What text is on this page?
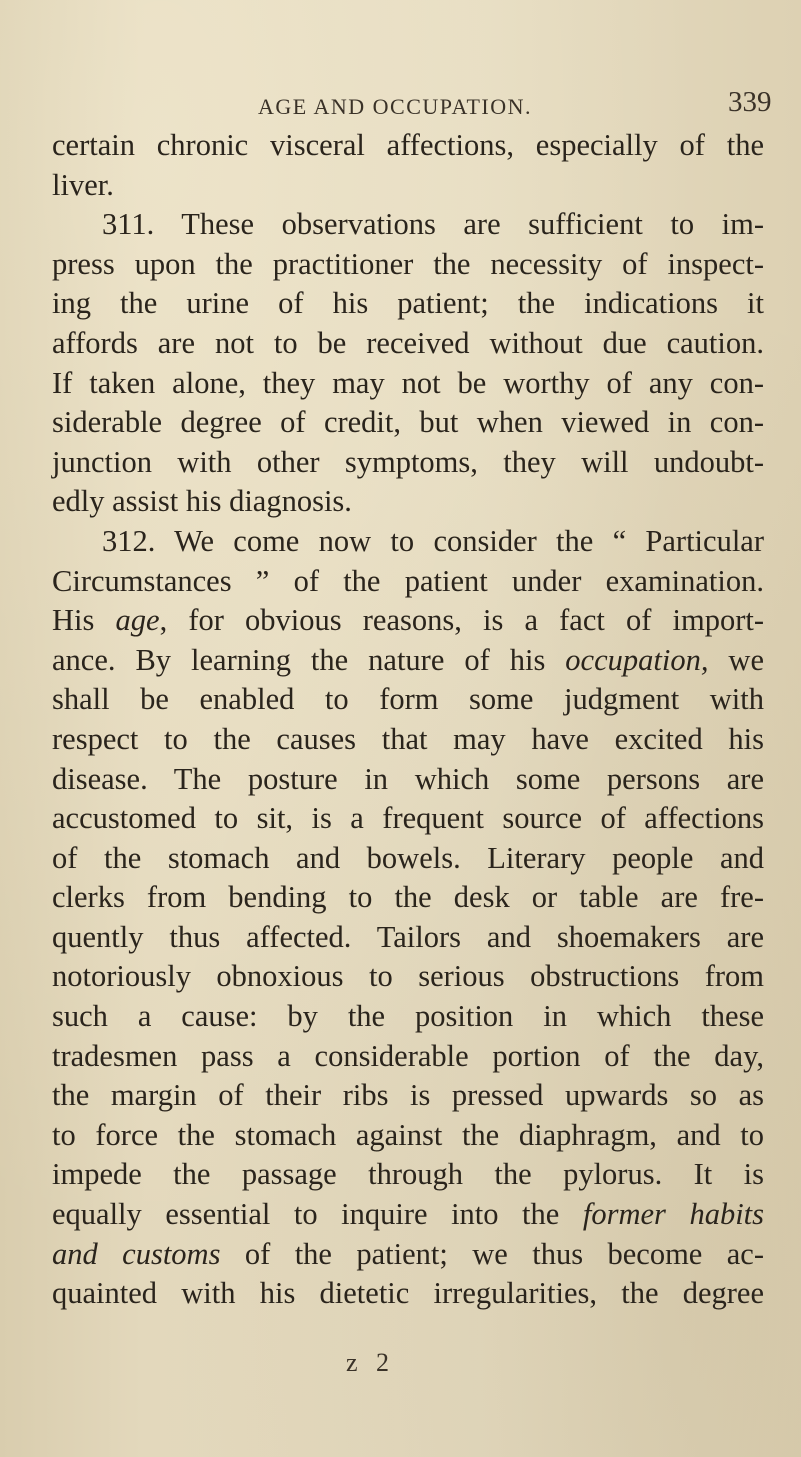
AGE AND OCCUPATION.	339
certain chronic visceral affections, especially of the
liver.
311. These observations are sufficient to im-
press upon the practitioner the necessity of inspect-
ing the urine of his patient; the indications it
affords are not to be received without due caution.
If taken alone, they may not be worthy of any con-
siderable degree of credit, but when viewed in con-
junction with other symptoms, they will undoubt-
edly assist his diagnosis.
312. We come now to consider the “ Particular
Circumstances ” of the patient under examination.
His age, for obvious reasons, is a fact of import-
ance. By learning the nature of his occupation, we
shall be enabled to form some judgment with
respect to the causes that may have excited his
disease. The posture in which some persons are
accustomed to sit, is a frequent source of affections
of the stomach and bowels. Literary people and
clerks from bending to the desk or table are fre-
quently thus affected. Tailors and shoemakers are
notoriously obnoxious to serious obstructions from
such a cause: by the position in which these
tradesmen pass a considerable portion of the day,
the margin of their ribs is pressed upwards so as
to force the stomach against the diaphragm, and to
impede the passage through the pylorus. It is
equally essential to inquire into the former habits
and customs of the patient; we thus become ac-
quainted with his dietetic irregularities, the degree
z 2
